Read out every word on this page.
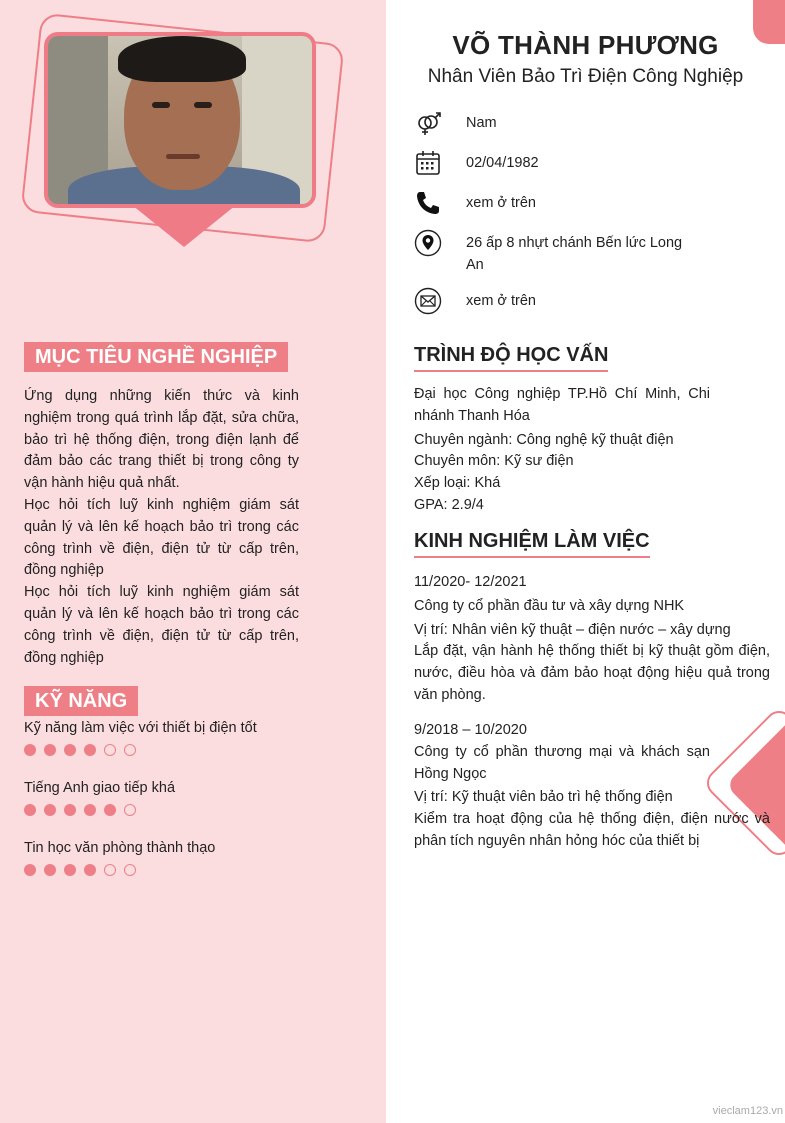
MỤC TIÊU NGHỀ NGHIỆP

Ứng dụng những kiến thức và kinh nghiệm trong quá trình lắp đặt, sửa chữa, bảo trì hệ thống điện, trong điện lạnh để đảm bảo các trang thiết bị trong công ty vận hành hiệu quả nhất.

Học hỏi tích luỹ kinh nghiệm giám sát quản lý và lên kế hoạch bảo trì trong các công trình về điện, điện tử từ cấp trên, đồng nghiệp

Học hỏi tích luỹ kinh nghiệm giám sát quản lý và lên kế hoạch bảo trì trong các công trình về điện, điện tử từ cấp trên, đồng nghiệp

KỸ NĂNG
Kỹ năng làm việc với thiết bị điện tốt
Tiếng Anh giao tiếp khá
Tin học văn phòng thành thạo
VÕ THÀNH PHƯƠNG
Nhân Viên Bảo Trì Điện Công Nghiệp
Nam
02/04/1982
xem ở trên
26 ấp 8 nhựt chánh Bến lức Long An
xem ở trên
TRÌNH ĐỘ HỌC VẤN

Đại học Công nghiệp TP.Hồ Chí Minh, Chi nhánh Thanh Hóa

Chuyên ngành: Công nghệ kỹ thuật điện

Chuyên môn: Kỹ sư điện

Xếp loại: Khá

GPA: 2.9/4

KINH NGHIỆM LÀM VIỆC

11/2020- 12/2021

Công ty cổ phần đầu tư và xây dựng NHK

Vị trí: Nhân viên kỹ thuật – điện nước – xây dựng

Lắp đặt, vận hành hệ thống thiết bị kỹ thuật gồm điện, nước, điều hòa và đảm bảo hoạt động hiệu quả trong văn phòng.

9/2018 – 10/2020

Công ty cổ phần thương mại và khách sạn Hồng Ngọc

Vị trí: Kỹ thuật viên bảo trì hệ thống điện

Kiểm tra hoạt động của hệ thống điện, điện nước và phân tích nguyên nhân hỏng hóc của thiết bị

vieclam123.vn
